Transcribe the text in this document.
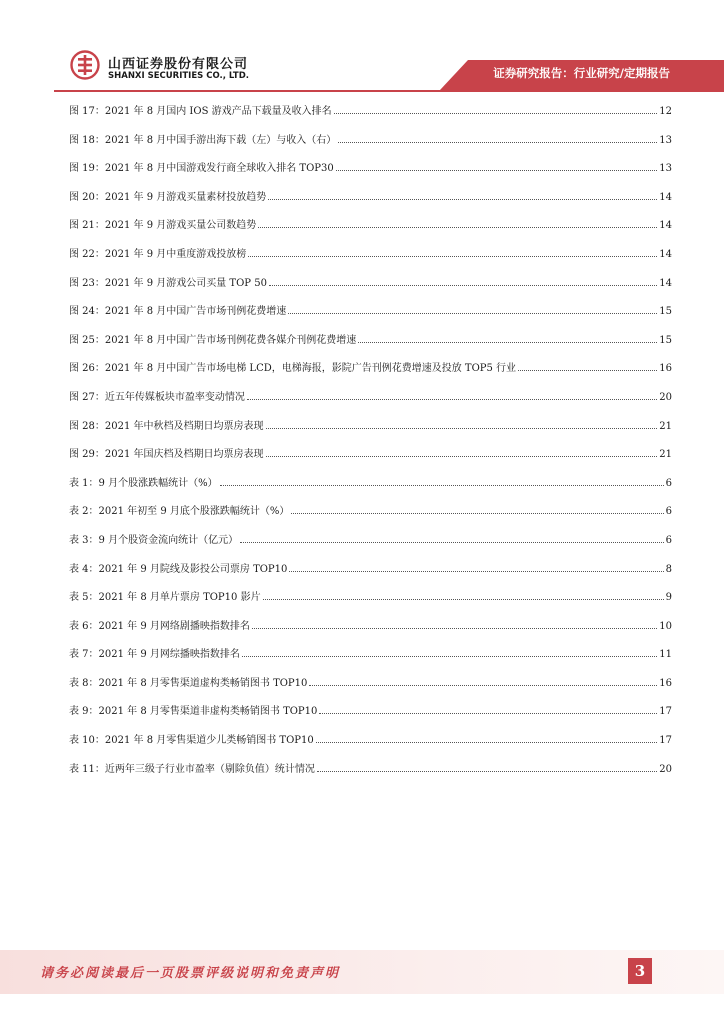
山西证券股份有限公司
SHANXI SECURITIES CO., LTD.	证券研究报告：行业研究/定期报告
图 17：2021 年 8 月国内 IOS 游戏产品下载量及收入排名	12
图 18：2021 年 8 月中国手游出海下载（左）与收入（右）	13
图 19：2021 年 8 月中国游戏发行商全球收入排名 TOP30	13
图 20：2021 年 9 月游戏买量素材投放趋势	14
图 21：2021 年 9 月游戏买量公司数趋势	14
图 22：2021 年 9 月中重度游戏投放榜	14
图 23：2021 年 9 月游戏公司买量 TOP 50	14
图 24：2021 年 8 月中国广告市场刊例花费增速	15
图 25：2021 年 8 月中国广告市场刊例花费各媒介刊例花费增速	15
图 26：2021 年 8 月中国广告市场电梯 LCD，电梯海报，影院广告刊例花费增速及投放 TOP5 行业	16
图 27：近五年传媒板块市盈率变动情况	20
图 28：2021 年中秋档及档期日均票房表现	21
图 29：2021 年国庆档及档期日均票房表现	21
表 1：9 月个股涨跌幅统计（%）	6
表 2：2021 年初至 9 月底个股涨跌幅统计（%）	6
表 3：9 月个股资金流向统计（亿元）	6
表 4：2021 年 9 月院线及影投公司票房 TOP10	8
表 5：2021 年 8 月单片票房 TOP10 影片	9
表 6：2021 年 9 月网络剧播映指数排名	10
表 7：2021 年 9 月网综播映指数排名	11
表 8：2021 年 8 月零售渠道虚构类畅销图书 TOP10	16
表 9：2021 年 8 月零售渠道非虚构类畅销图书 TOP10	17
表 10：2021 年 8 月零售渠道少儿类畅销图书 TOP10	17
表 11：近两年三级子行业市盈率（剔除负值）统计情况	20
请务必阅读最后一页股票评级说明和免责声明	3
